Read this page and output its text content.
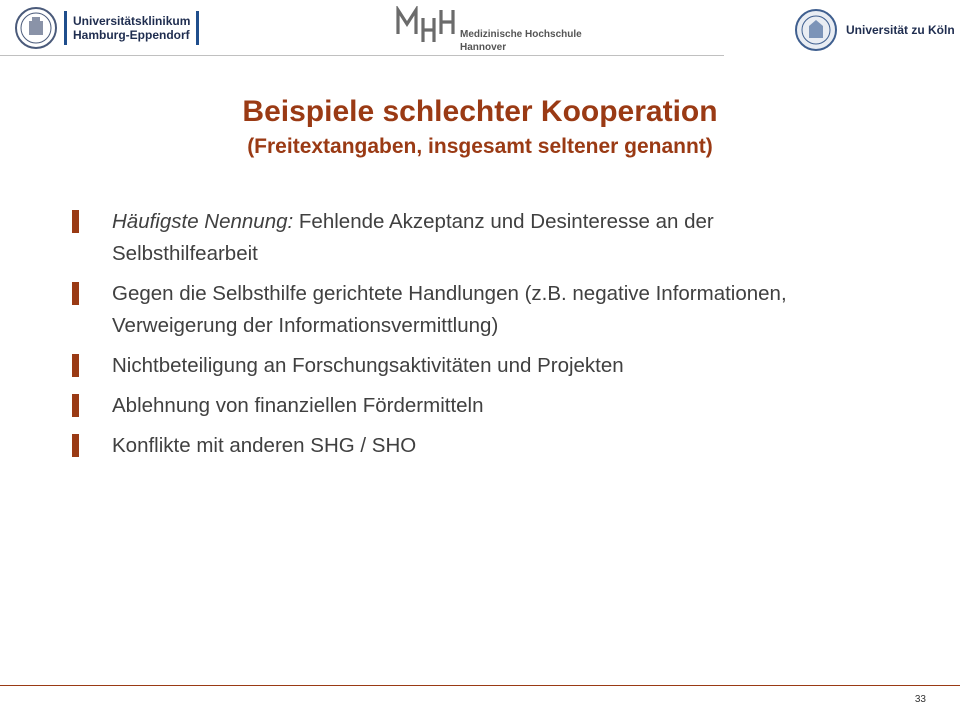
Universitätsklinikum
Hamburg-Eppendorf	Medizinische Hochschule
Hannover
Universität zu Köln
Beispiele schlechter Kooperation
(Freitextangaben, insgesamt seltener genannt)
Häufigste Nennung: Fehlende Akzeptanz und Desinteresse an der Selbsthilfearbeit
Gegen die Selbsthilfe gerichtete Handlungen (z.B. negative Informationen, Verweigerung der Informationsvermittlung)
Nichtbeteiligung an Forschungsaktivitäten und Projekten
Ablehnung von finanziellen Fördermitteln
Konflikte mit anderen SHG / SHO
33
